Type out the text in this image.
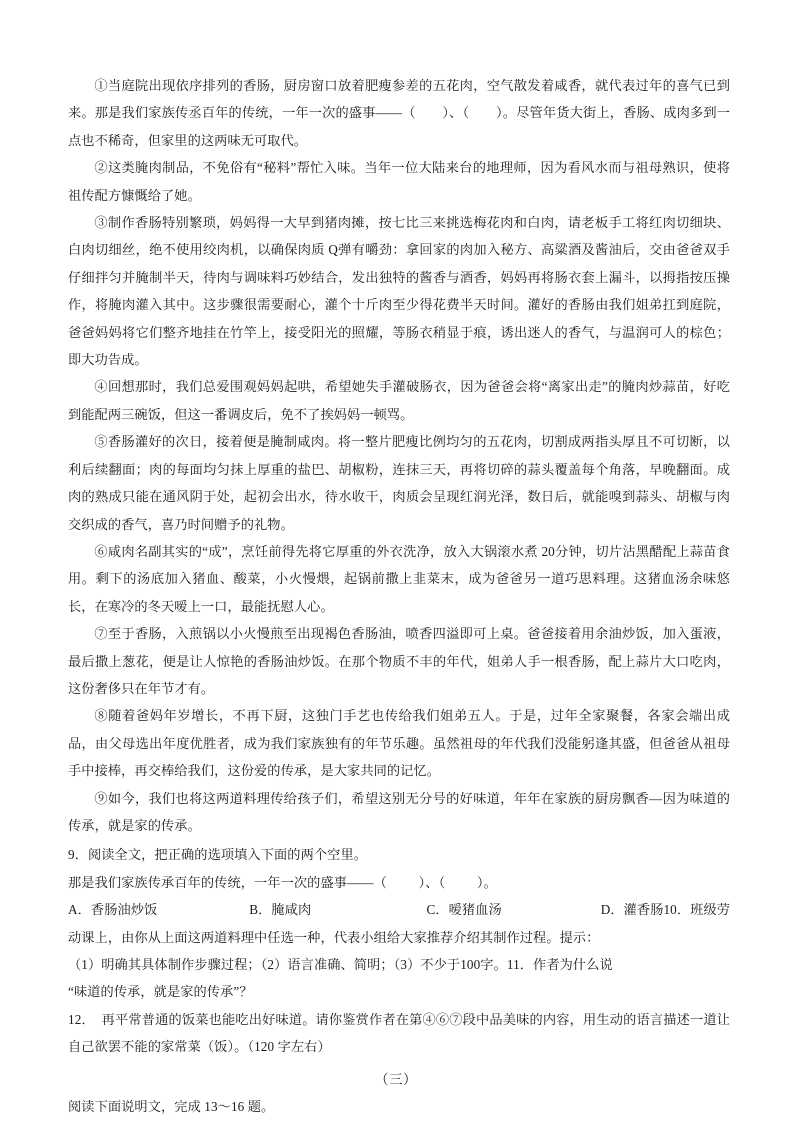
①当庭院出现依序排列的香肠，厨房窗口放着肥瘦参差的五花肉，空气散发着咸香，就代表过年的喜气已到来。那是我们家族传丞百年的传统，一年一次的盛事——（　　）、（　　）。尽管年货大街上，香肠、成肉多到一点也不稀奇，但家里的这两味无可取代。

②这类腌肉制品，不免俗有“秘料”帮忙入味。当年一位大陆来台的地理师，因为看风水而与祖母熟识，使将祖传配方慷慨给了她。

③制作香肠特别繁琐，妈妈得一大早到猪肉摊，按七比三来挑选梅花肉和白肉，请老板手工将红肉切细块、白肉切细丝，绝不使用绞肉机，以确保肉质 Q弹有嚼劲：拿回家的肉加入秘方、高粱酒及酱油后，交由爸爸双手仔细拌匀并腌制半天，待肉与调味料巧妙结合，发出独特的酱香与酒香，妈妈再将肠衣套上漏斗，以拇指按压操作，将腌肉灌入其中。这步骤很需要耐心，灌个十斤肉至少得花费半天时间。灌好的香肠由我们姐弟扛到庭院，爸爸妈妈将它们整齐地挂在竹竿上，接受阳光的照耀，等肠衣稍显于痕，诱出迷人的香气，与温润可人的棕色；即大功告成。

④回想那时，我们总爱围观妈妈起哄，希望她失手灌破肠衣，因为爸爸会将“离家出走”的腌肉炒蒜苗，好吃到能配两三碗饭，但这一番调皮后，免不了挨妈妈一顿骂。

⑤香肠灌好的次日，接着便是腌制咸肉。将一整片肥瘦比例均匀的五花肉，切割成两指头厚且不可切断，以利后续翻面；肉的每面均匀抹上厚重的盐巴、胡椒粉，连抹三天，再将切碎的蒜头覆盖每个角落，早晚翻面。成肉的熟成只能在通风阴于处，起初会出水，待水收干，肉质会呈现红润光泽，数日后，就能嗅到蒜头、胡椒与肉交织成的香气，喜乃时间赠予的礼物。

⑥咸肉名副其实的“成”，烹饪前得先将它厚重的外衣洗净，放入大锅滚水煮 20分钟，切片沾黑醋配上蒜苗食用。剩下的汤底加入猪血、酸菜，小火慢煨，起锅前撒上韭菜末，成为爸爸另一道巧思料理。这猪血汤余味悠长，在寒冷的冬天嗳上一口，最能抚慰人心。

⑦至于香肠，入煎锅以小火慢煎至出现褐色香肠油，喷香四溢即可上桌。爸爸接着用余油炒饭，加入蛋液，最后撒上葱花，便是让人惊艳的香肠油炒饭。在那个物质不丰的年代，姐弟人手一根香肠，配上蒜片大口吃肉，这份奢侈只在年节才有。

⑧随着爸妈年岁增长，不再下厨，这独门手艺也传给我们姐弟五人。于是，过年全家聚餐，各家会端出成品，由父母选出年度优胜者，成为我们家族独有的年节乐趣。虽然祖母的年代我们没能躬逢其盛，但爸爸从祖母手中接棒，再交棒给我们，这份爱的传承，是大家共同的记忆。

⑨如今，我们也将这两道料理传给孩子们，希望这别无分号的好味道，年年在家族的厨房飘香—因为味道的传承，就是家的传承。

9．阅读全文，把正确的选项填入下面的两个空里。

那是我们家族传承百年的传统，一年一次的盛事——（ ）、（ ）。

A．香肠油炒饭	B．腌咸肉	C．嗳猪血汤	D．灌香肠10．班级劳

动课上，由你从上面这两道料理中任选一种，代表小组给大家推荐介绍其制作过程。提示：

（1）明确其具体制作步骤过程；（2）语言准确、简明；（3）不少于100字。11．作者为什么说

“味道的传承，就是家的传承”？

12．　再平常普通的饭菜也能吃出好味道。请你鉴赏作者在第④⑥⑦段中品美味的内容，用生动的语言描述一道让自己欲罢不能的家常菜（饭）。（120 字左右）

（三）

阅读下面说明文，完成 13～16 题。
